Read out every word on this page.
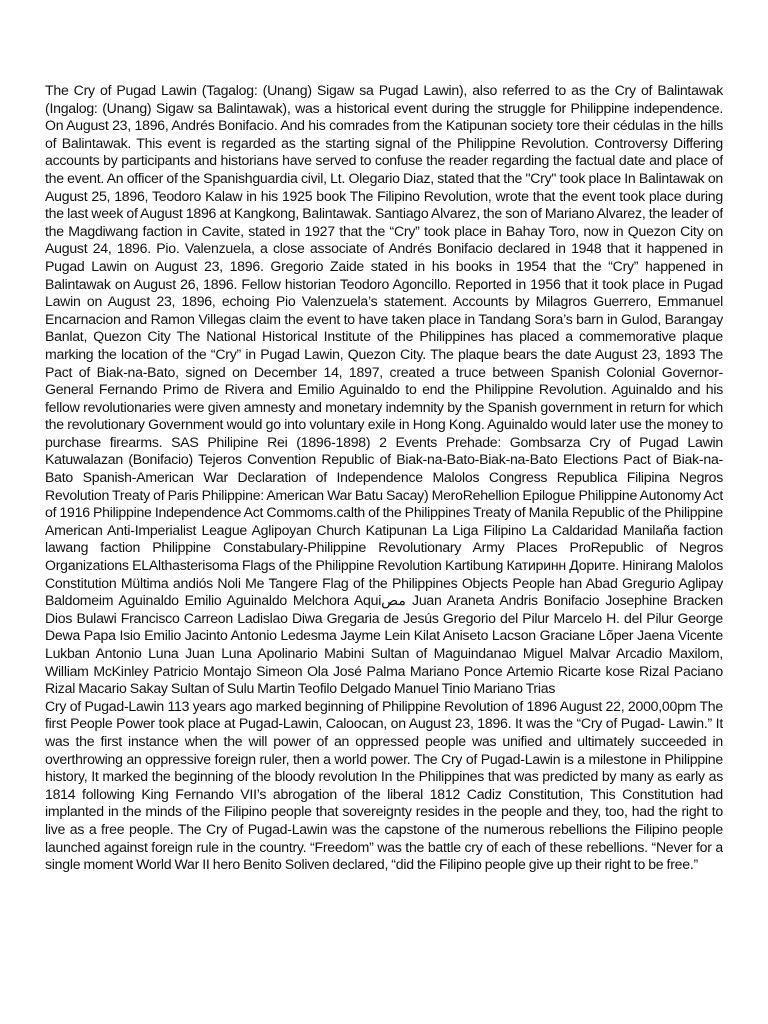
The Cry of Pugad Lawin (Tagalog: (Unang) Sigaw sa Pugad Lawin), also referred to as the Cry of Balintawak (Ingalog: (Unang) Sigaw sa Balintawak), was a historical event during the struggle for Philippine independence. On August 23, 1896, Andrés Bonifacio. And his comrades from the Katipunan society tore their cédulas in the hills of Balintawak. This event is regarded as the starting signal of the Philippine Revolution. Controversy Differing accounts by participants and historians have served to confuse the reader regarding the factual date and place of the event. An officer of the Spanishguardia civil, Lt. Olegario Diaz, stated that the "Cry" took place In Balintawak on August 25, 1896, Teodoro Kalaw in his 1925 book The Filipino Revolution, wrote that the event took place during the last week of August 1896 at Kangkong, Balintawak. Santiago Alvarez, the son of Mariano Alvarez, the leader of the Magdiwang faction in Cavite, stated in 1927 that the “Cry” took place in Bahay Toro, now in Quezon City on August 24, 1896. Pio. Valenzuela, a close associate of Andrés Bonifacio declared in 1948 that it happened in Pugad Lawin on August 23, 1896. Gregorio Zaide stated in his books in 1954 that the “Cry” happened in Balintawak on August 26, 1896. Fellow historian Teodoro Agoncillo. Reported in 1956 that it took place in Pugad Lawin on August 23, 1896, echoing Pio Valenzuela’s statement. Accounts by Milagros Guerrero, Emmanuel Encarnacion and Ramon Villegas claim the event to have taken place in Tandang Sora’s barn in Gulod, Barangay Banlat, Quezon City The National Historical Institute of the Philippines has placed a commemorative plaque marking the location of the “Cry” in Pugad Lawin, Quezon City. The plaque bears the date August 23, 1893 The Pact of Biak-na-Bato, signed on December 14, 1897, created a truce between Spanish Colonial Governor-General Fernando Primo de Rivera and Emilio Aguinaldo to end the Philippine Revolution. Aguinaldo and his fellow revolutionaries were given amnesty and monetary indemnity by the Spanish government in return for which the revolutionary Government would go into voluntary exile in Hong Kong. Aguinaldo would later use the money to purchase firearms. SAS Philipine Rei (1896-1898) 2 Events Prehade: Gombsarza Cry of Pugad Lawin Katuwalazan (Bonifacio) Tejeros Convention Republic of Biak-na-Bato-Biak-na-Bato Elections Pact of Biak-na-Bato Spanish-American War Declaration of Independence Malolos Congress Republica Filipina Negros Revolution Treaty of Paris Philippine: American War Batu Sacay) MeroRehellion Epilogue Philippine Autonomy Act of 1916 Philippine Independence Act Commoms.calth of the Philippines Treaty of Manila Republic of the Philippine American Anti-Imperialist League Aglipoyan Church Katipunan La Liga Filipino La Caldaridad Manilaña faction lawang faction Philippine Constabulary-Philippine Revolutionary Army Places ProRepublic of Negros Organizations ELAlthasterisoma Flags of the Philippine Revolution Kartibung Катиринн Дорите. Hinirang Malolos Constitution Mültima andiós Noli Me Tangere Flag of the Philippines Objects People han Abad Gregurio Aglipay Baldomeim Aguinaldo Emilio Aguinaldo Melchora Aquiمص Juan Araneta Andris Bonifacio Josephine Bracken Dios Bulawi Francisco Carreon Ladislao Diwa Gregaria de Jesús Gregorio del Pilur Marcelo H. del Pilur George Dewa Papa Isio Emilio Jacinto Antonio Ledesma Jayme Lein Kilat Aniseto Lacson Graciane Lõper Jaena Vicente Lukban Antonio Luna Juan Luna Apolinario Mabini Sultan of Maguindanao Miguel Malvar Arcadio Maxilom, William McKinley Patricio Montajo Simeon Ola José Palma Mariano Ponce Artemio Ricarte kose Rizal Paciano Rizal Macario Sakay Sultan of Sulu Martin Teofilo Delgado Manuel Tinio Mariano Trias

Cry of Pugad-Lawin 113 years ago marked beginning of Philippine Revolution of 1896 August 22, 2000,00pm The first People Power took place at Pugad-Lawin, Caloocan, on August 23, 1896. It was the “Cry of Pugad- Lawin.” It was the first instance when the will power of an oppressed people was unified and ultimately succeeded in overthrowing an oppressive foreign ruler, then a world power. The Cry of Pugad-Lawin is a milestone in Philippine history, It marked the beginning of the bloody revolution In the Philippines that was predicted by many as early as 1814 following King Fernando VII’s abrogation of the liberal 1812 Cadiz Constitution, This Constitution had implanted in the minds of the Filipino people that sovereignty resides in the people and they, too, had the right to live as a free people. The Cry of Pugad-Lawin was the capstone of the numerous rebellions the Filipino people launched against foreign rule in the country. “Freedom” was the battle cry of each of these rebellions. “Never for a single moment World War II hero Benito Soliven declared, “did the Filipino people give up their right to be free.”
